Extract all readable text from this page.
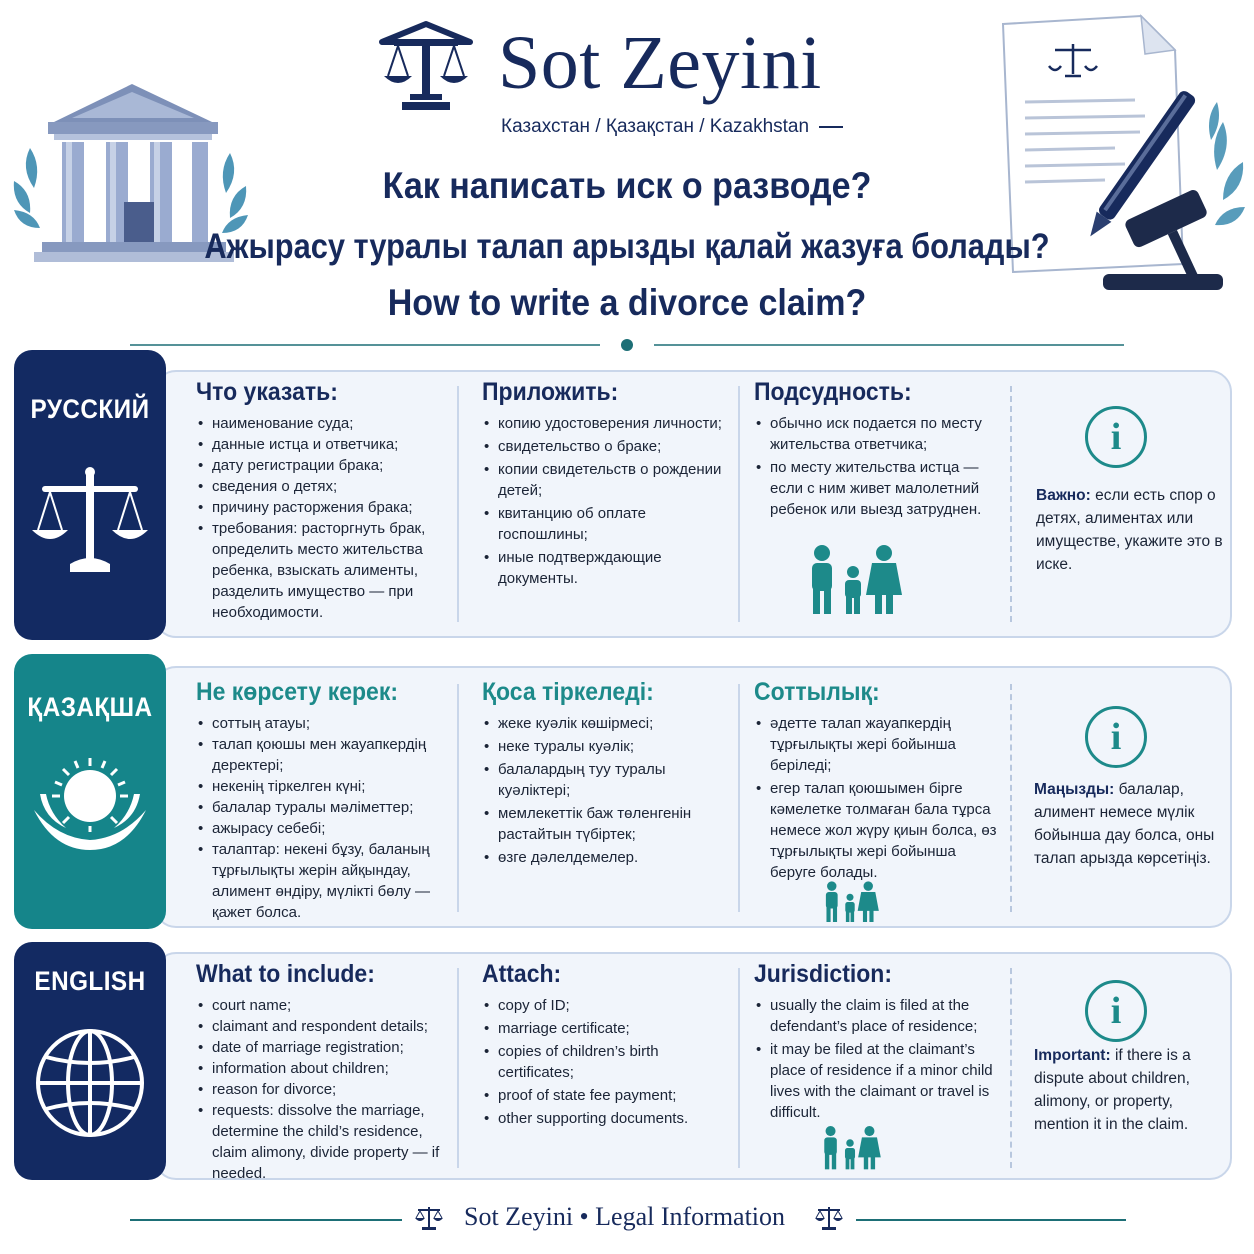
Sot Zeyini
Казахстан / Қазақстан / Kazakhstan
Как написать иск о разводе?
Ажырасу туралы талап арызды қалай жазуға болады?
How to write a divorce claim?
РУССКИЙ
Что указать:
• наименование суда;
• данные истца и ответчика;
• дату регистрации брака;
• сведения о детях;
• причину расторжения брака;
• требования: расторгнуть брак, определить место жительства ребенка, взыскать алименты, разделить имущество — при необходимости.
Приложить:
• копию удостоверения личности;
• свидетельство о браке;
• копии свидетельств о рождении детей;
• квитанцию об оплате госпошлины;
• иные подтверждающие документы.
Подсудность:
• обычно иск подается по месту жительства ответчика;
• по месту жительства истца — если с ним живет малолетний ребенок или выезд затруднен.
i
Важно: если есть спор о детях, алиментах или имуществе, укажите это в иске.
ҚАЗАҚША Не көрсету керек:
• соттың атауы;
• талап қоюшы мен жауапкердің деректері;
• некенің тіркелген күні;
• балалар туралы мәліметтер;
• ажырасу себебі;
• талаптар: некені бұзу, баланың тұрғылықты жерін айқындау, алимент өндіру, мүлікті бөлу — қажет болса.
Қоса тіркеледі:
• жеке куәлік көшірмесі;
• неке туралы куәлік;
• балалардың туу туралы куәліктері;
• мемлекеттік баж төленгенін растайтын түбіртек;
• өзге дәлелдемелер.
Соттылық:
• әдетте талап жауапкердің тұрғылықты жері бойынша беріледі;
• егер талап қоюшымен бірге кәмелетке толмаған бала тұрса немесе жол жүру қиын болса, өз тұрғылықты жері бойынша беруге болады.
i
Маңызды: балалар, алимент немесе мүлік бойынша дау болса, оны талап арызда көрсетіңіз.
ENGLISH	What to include:
• court name;
• claimant and respondent details;
• date of marriage registration;
• information about children;
• reason for divorce;
• requests: dissolve the marriage, determine the child’s residence, claim alimony, divide property — if needed.
Attach:
• copy of ID;
• marriage certificate;
• copies of children’s birth certificates;
• proof of state fee payment;
• other supporting documents.
Jurisdiction:
• usually the claim is filed at the defendant’s place of residence;
• it may be filed at the claimant’s place of residence if a minor child lives with the claimant or travel is difficult.
i
Important: if there is a dispute about children, alimony, or property, mention it in the claim.
Sot Zeyini • Legal Information
